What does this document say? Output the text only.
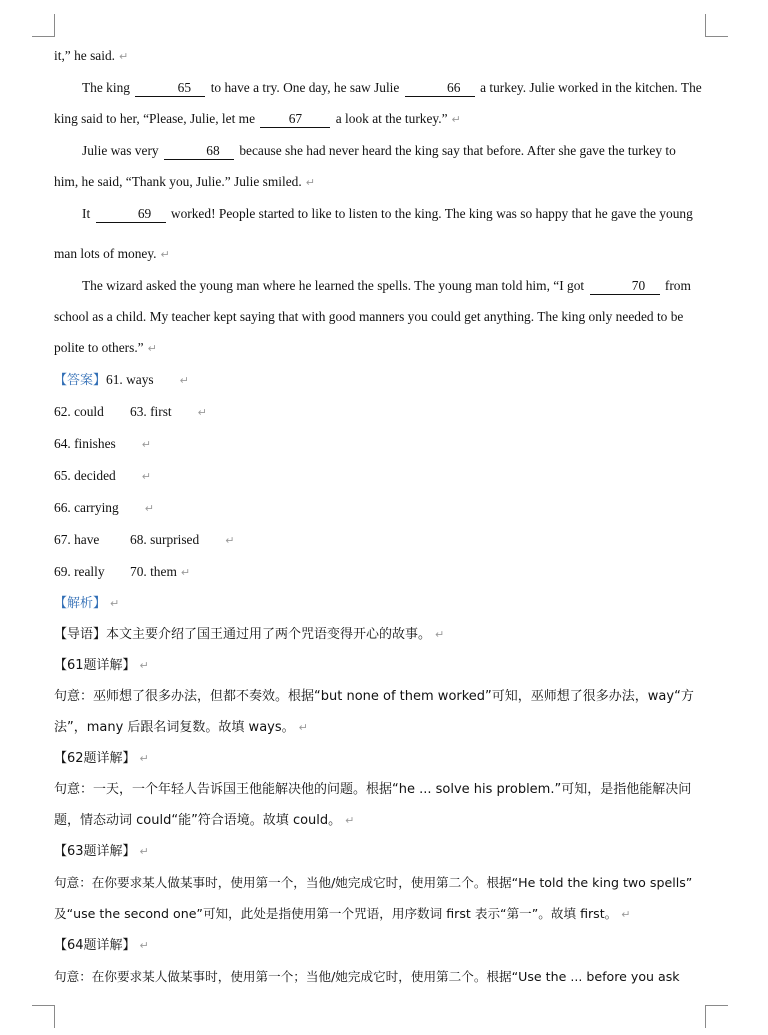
it,” he said. ↵

The king	65 to have a try. One day, he saw Julie	66 a turkey. Julie worked in the kitchen. The

king said to her, “Please, Julie, let me	67	a look at the turkey.” ↵

Julie was very	68 because she had never heard the king say that before. After she gave the turkey to

him, he said, “Thank you, Julie.” Julie smiled. ↵

It	69 worked! People started to like to listen to the king. The king was so happy that he gave the young

man lots of money. ↵

The wizard asked the young man where he learned the spells. The young man told him, “I got	70 from

school as a child. My teacher kept saying that with good manners you could get anything. The king only needed to be

polite to others.” ↵

【答案】61. ways ↵

62. could 63. first ↵

64. finishes ↵

65. decided ↵

66. carrying ↵

67. have 68. surprised ↵

69. really 70. them ↵

【解析】 ↵

【导语】本文主要介绍了国王通过用了两个咒语变得开心的故事。 ↵

【61题详解】 ↵

句意：巫师想了很多办法，但都不奏效。根据“but none of them worked”可知，巫师想了很多办法，way“方

法”，many 后跟名词复数。故填 ways。 ↵

【62题详解】 ↵

句意：一天，一个年轻人告诉国王他能解决他的问题。根据“he ... solve his problem.”可知，是指他能解决问

题，情态动词 could“能”符合语境。故填 could。 ↵

【63题详解】 ↵

句意：在你要求某人做某事时，使用第一个，当他/她完成它时，使用第二个。根据“He told the king two spells”

及“use the second one”可知，此处是指使用第一个咒语，用序数词 first 表示“第一”。故填 first。 ↵

【64题详解】 ↵

句意：在你要求某人做某事时，使用第一个；当他/她完成它时，使用第二个。根据“Use the ... before you ask
